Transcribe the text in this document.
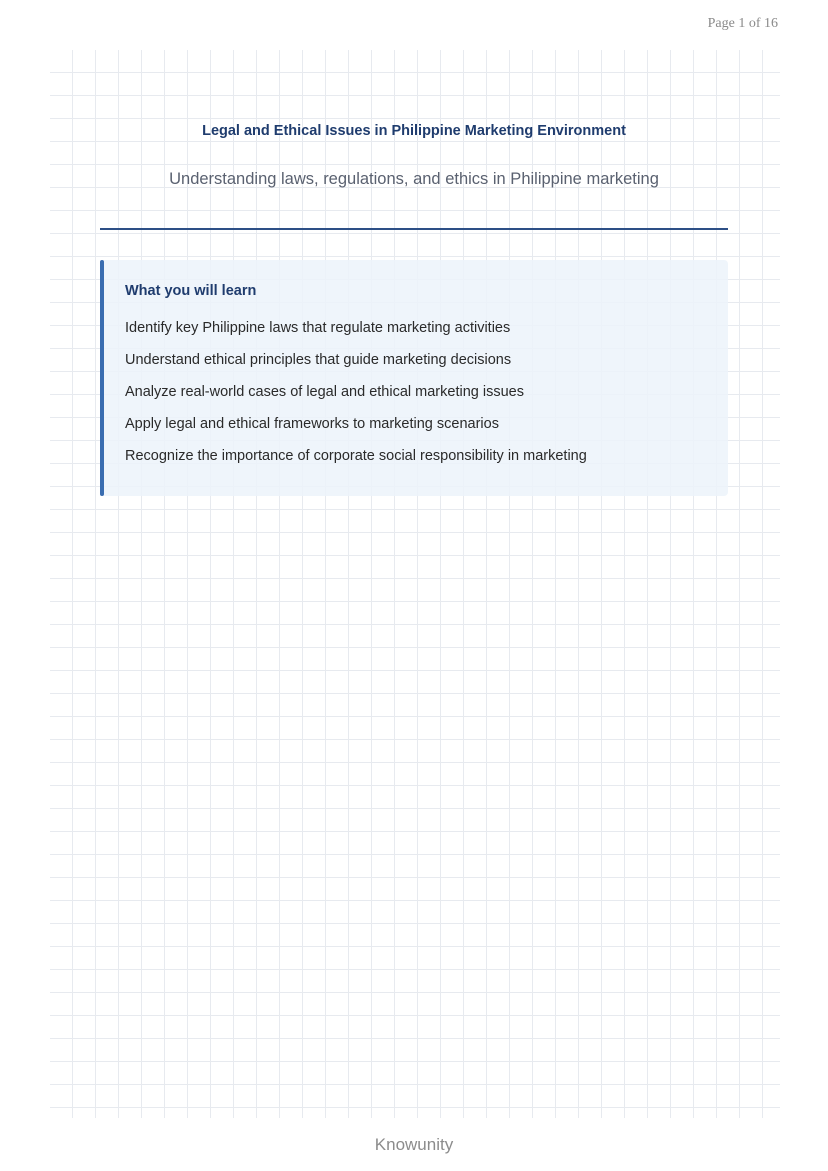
Page 1 of 16
Legal and Ethical Issues in Philippine Marketing Environment
Understanding laws, regulations, and ethics in Philippine marketing
What you will learn
Identify key Philippine laws that regulate marketing activities
Understand ethical principles that guide marketing decisions
Analyze real-world cases of legal and ethical marketing issues
Apply legal and ethical frameworks to marketing scenarios
Recognize the importance of corporate social responsibility in marketing
Knowunity
